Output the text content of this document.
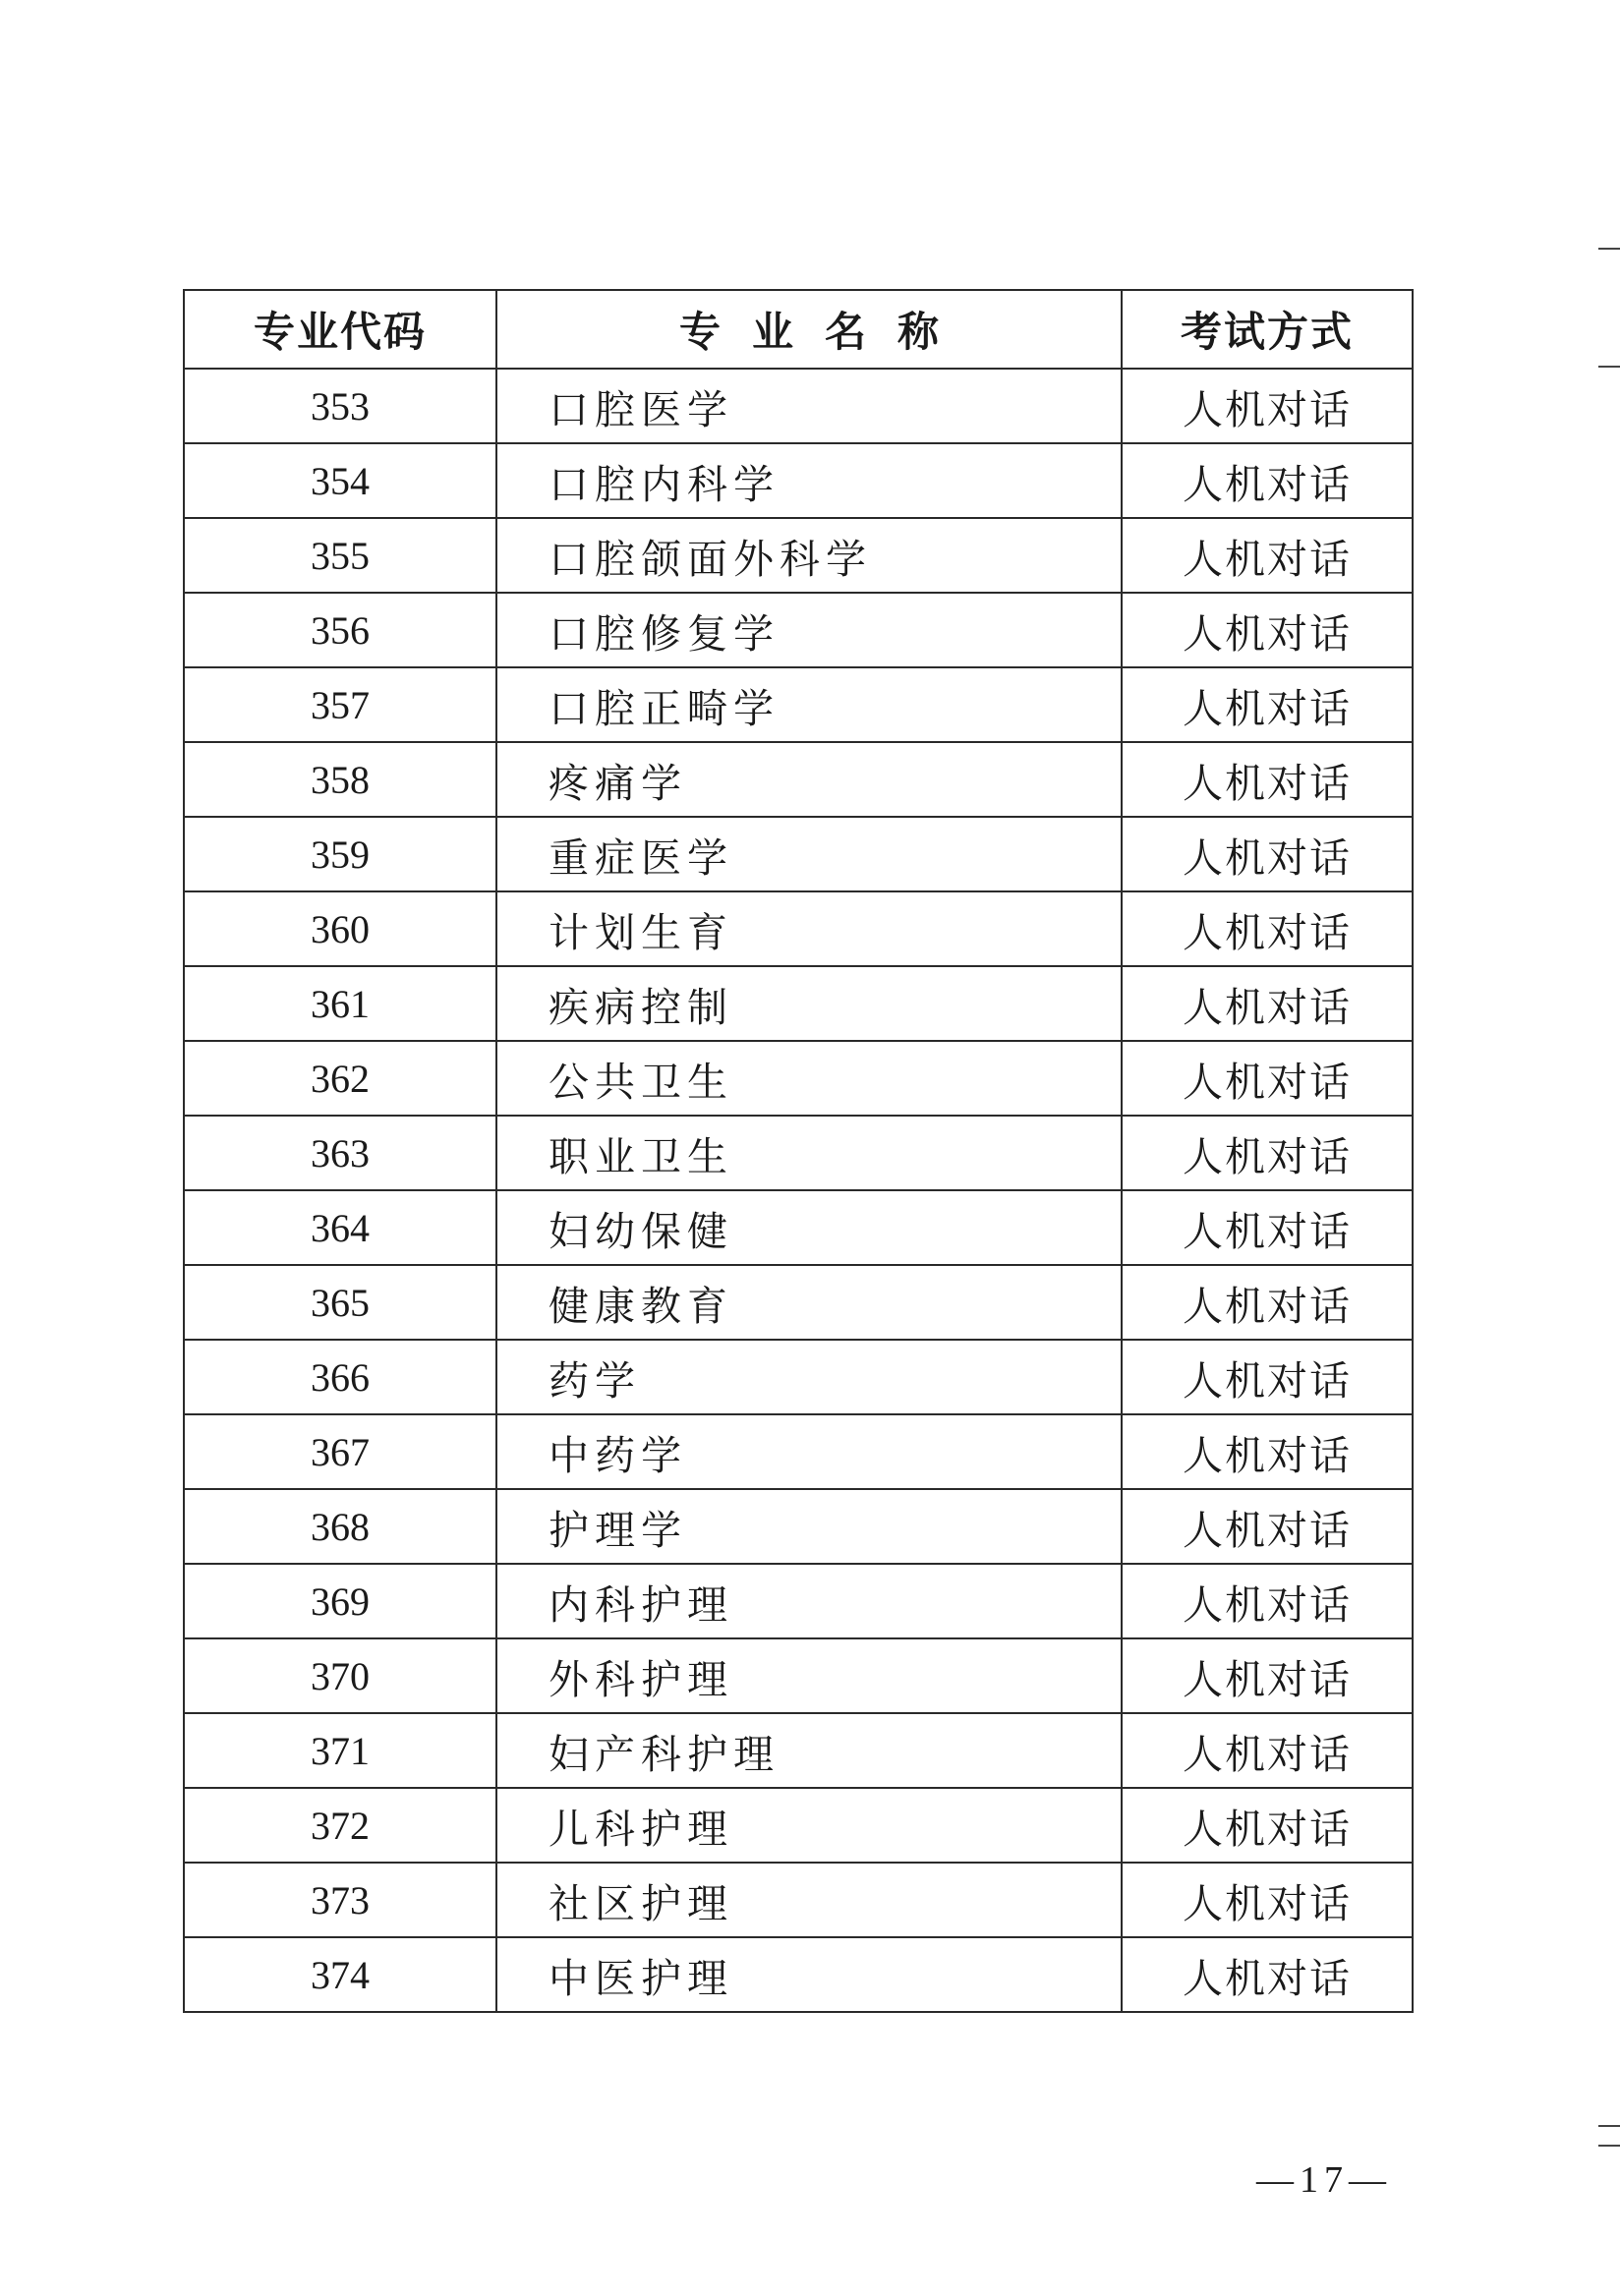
专业代码	专业名称	考试方式
353	口腔医学	人机对话
354	口腔内科学	人机对话
355	口腔颌面外科学	人机对话
356	口腔修复学	人机对话
357	口腔正畸学	人机对话
358	疼痛学	人机对话
359	重症医学	人机对话
360	计划生育	人机对话
361	疾病控制	人机对话
362	公共卫生	人机对话
363	职业卫生	人机对话
364	妇幼保健	人机对话
365	健康教育	人机对话
366	药学	人机对话
367	中药学	人机对话
368	护理学	人机对话
369	内科护理	人机对话
370	外科护理	人机对话
371	妇产科护理	人机对话
372	儿科护理	人机对话
373	社区护理	人机对话
374	中医护理	人机对话
—17—
